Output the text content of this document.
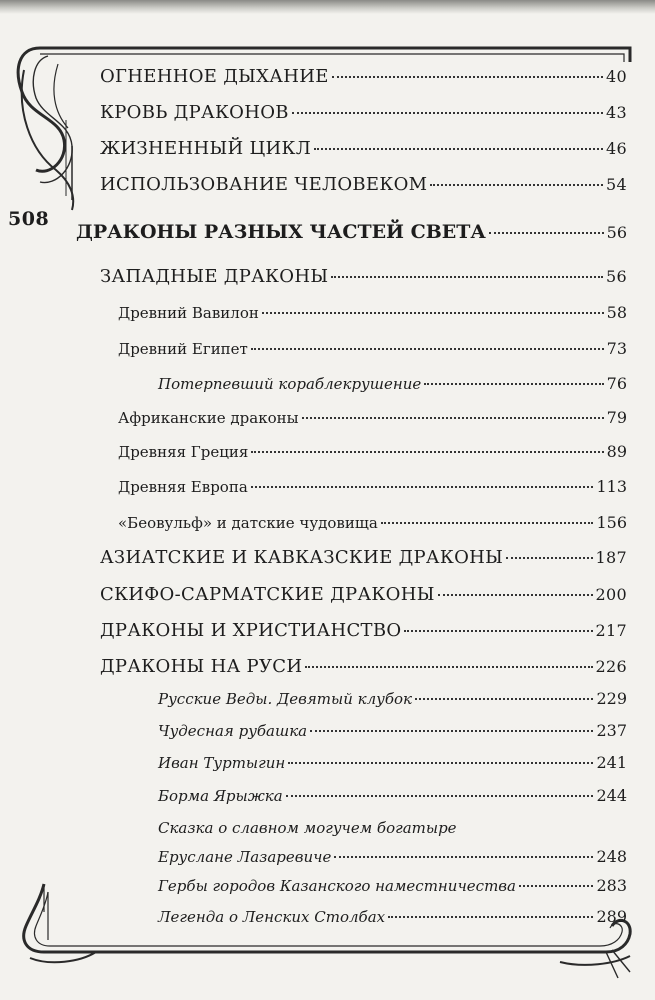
508
ОГНЕННОЕ ДЫХАНИЕ	40
КРОВЬ ДРАКОНОВ	43
ЖИЗНЕННЫЙ ЦИКЛ	46
ИСПОЛЬЗОВАНИЕ ЧЕЛОВЕКОМ	54
ДРАКОНЫ РАЗНЫХ ЧАСТЕЙ СВЕТА	56
ЗАПАДНЫЕ ДРАКОНЫ	56
Древний Вавилон	58
Древний Египет	73
Потерпевший кораблекрушение	76
Африканские драконы	79
Древняя Греция	89
Древняя Европа	113
«Беовульф» и датские чудовища	156
АЗИАТСКИЕ И КАВКАЗСКИЕ ДРАКОНЫ	187
СКИФО-САРМАТСКИЕ ДРАКОНЫ	200
ДРАКОНЫ И ХРИСТИАНСТВО	217
ДРАКОНЫ НА РУСИ	226
Русские Веды. Девятый клубок	229
Чудесная рубашка	237
Иван Туртыгин	241
Борма Ярыжка	244
Сказка о славном могучем богатыре
Еруслане Лазаревиче	248
Гербы городов Казанского наместничества	283
Легенда о Ленских Столбах	289
